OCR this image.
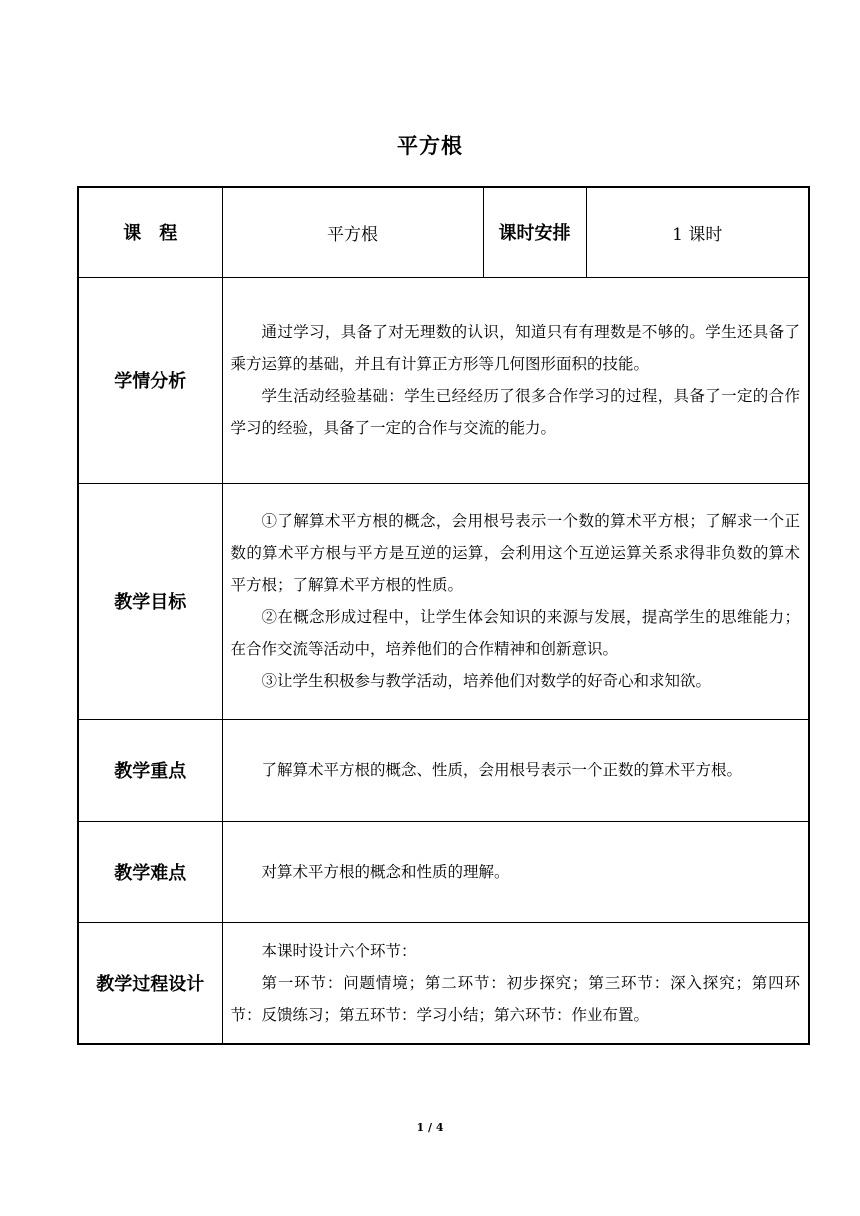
平方根
课程	平方根	课时安排	1 课时
学情分析	通过学习，具备了对无理数的认识，知道只有有理数是不够的。学生还具备了乘方运算的基础，并且有计算正方形等几何图形面积的技能。

学生活动经验基础：学生已经经历了很多合作学习的过程，具备了一定的合作学习的经验，具备了一定的合作与交流的能力。		

教学目标	①了解算术平方根的概念，会用根号表示一个数的算术平方根；了解求一个正数的算术平方根与平方是互逆的运算，会利用这个互逆运算关系求得非负数的算术平方根；了解算术平方根的性质。

②在概念形成过程中，让学生体会知识的来源与发展，提高学生的思维能力；在合作交流等活动中，培养他们的合作精神和创新意识。

③让学生积极参与教学活动，培养他们对数学的好奇心和求知欲。		

教学重点	了解算术平方根的概念、性质，会用根号表示一个正数的算术平方根。		

教学难点	对算术平方根的概念和性质的理解。		

教学过程设计	本课时设计六个环节：

第一环节：问题情境；第二环节：初步探究；第三环节：深入探究；第四环节：反馈练习；第五环节：学习小结；第六环节：作业布置。		

1 / 4
